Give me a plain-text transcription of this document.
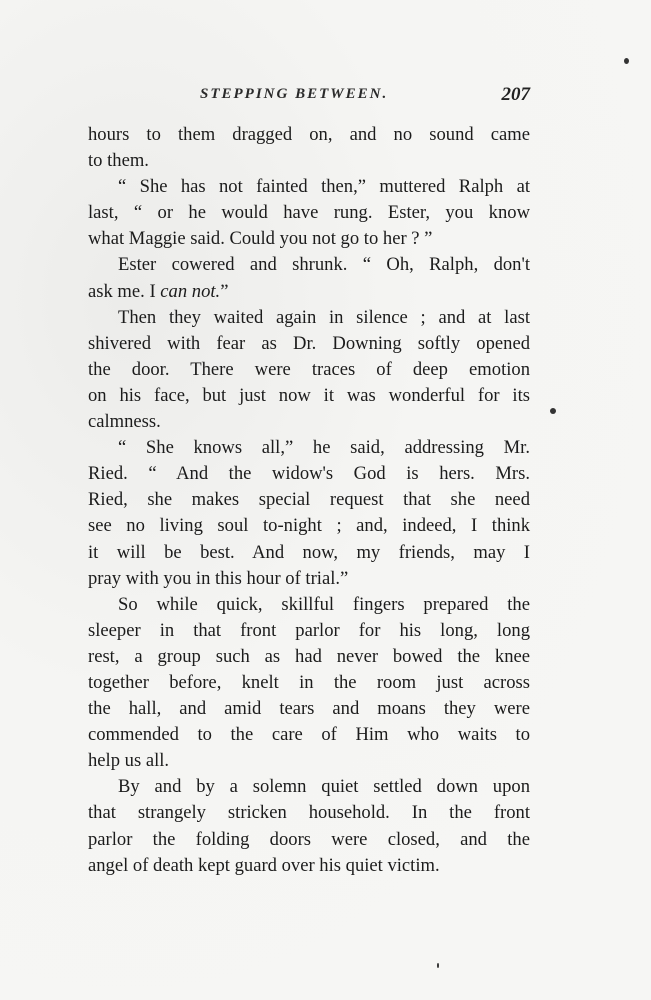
STEPPING BETWEEN.	207
hours to them dragged on, and no sound came
to them.
“ She has not fainted then,” muttered Ralph at
last, “ or he would have rung. Ester, you know
what Maggie said. Could you not go to her ? ”
Ester cowered and shrunk. “ Oh, Ralph, don't
ask me. I can not.”
Then they waited again in silence ; and at last
shivered with fear as Dr. Downing softly opened
the door. There were traces of deep emotion
on his face, but just now it was wonderful for its
calmness.
“ She knows all,” he said, addressing Mr.
Ried. “ And the widow's God is hers. Mrs.
Ried, she makes special request that she need
see no living soul to-night ; and, indeed, I think
it will be best. And now, my friends, may I
pray with you in this hour of trial.”
So while quick, skillful fingers prepared the
sleeper in that front parlor for his long, long
rest, a group such as had never bowed the knee
together before, knelt in the room just across
the hall, and amid tears and moans they were
commended to the care of Him who waits to
help us all.
By and by a solemn quiet settled down upon
that strangely stricken household. In the front
parlor the folding doors were closed, and the
angel of death kept guard over his quiet victim.
